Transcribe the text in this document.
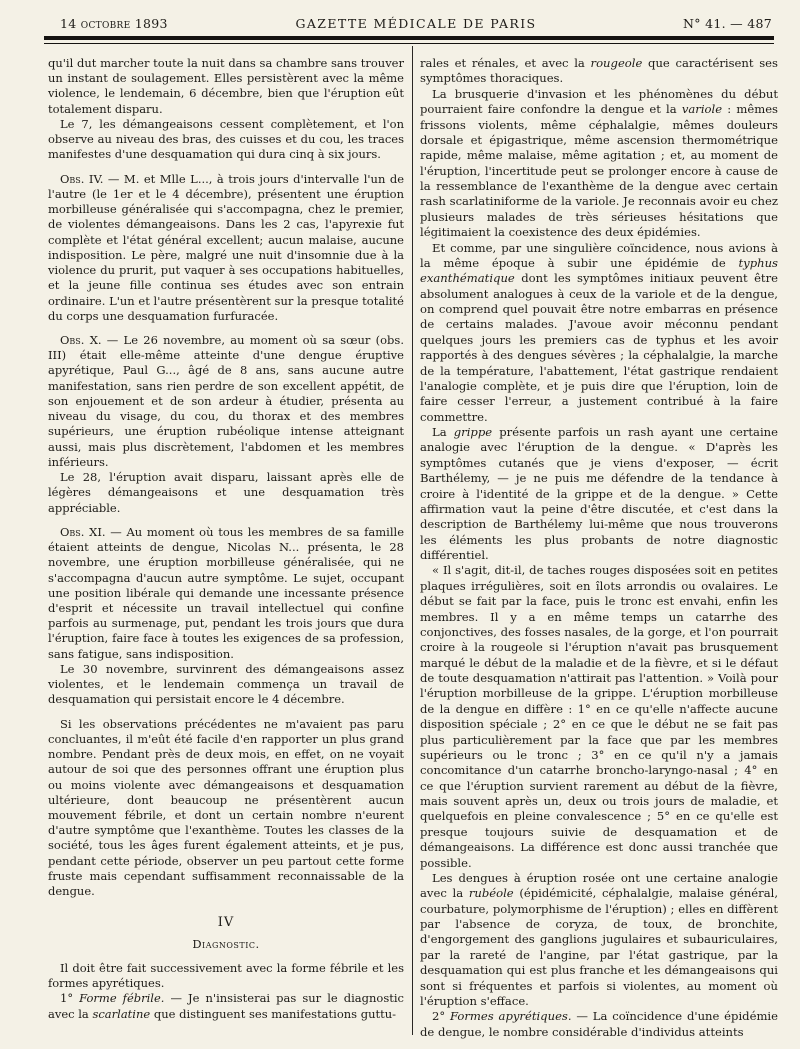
14 octobre 1893	GAZETTE MÉDICALE DE PARIS	N° 41. — 487

qu'il dut marcher toute la nuit dans sa chambre sans trouver un instant de soulagement. Elles persistèrent avec la même violence, le lendemain, 6 décembre, bien que l'éruption eût totalement disparu.

Le 7, les démangeaisons cessent complètement, et l'on observe au niveau des bras, des cuisses et du cou, les traces manifestes d'une desquamation qui dura cinq à six jours.

Obs. IV. — M. et Mlle L..., à trois jours d'intervalle l'un de l'autre (le 1er et le 4 décembre), présentent une éruption morbilleuse généralisée qui s'accompagna, chez le premier, de violentes démangeaisons. Dans les 2 cas, l'apyrexie fut complète et l'état général excellent; aucun malaise, aucune indisposition. Le père, malgré une nuit d'insomnie due à la violence du prurit, put vaquer à ses occupations habituelles, et la jeune fille continua ses études avec son entrain ordinaire. L'un et l'autre présentèrent sur la presque totalité du corps une desquamation furfuracée.

Obs. X. — Le 26 novembre, au moment où sa sœur (obs. III) était elle-même atteinte d'une dengue éruptive apyrétique, Paul G..., âgé de 8 ans, sans aucune autre manifestation, sans rien perdre de son excellent appétit, de son enjouement et de son ardeur à étudier, présenta au niveau du visage, du cou, du thorax et des membres supérieurs, une éruption rubéolique intense atteignant aussi, mais plus discrètement, l'abdomen et les membres inférieurs.

Le 28, l'éruption avait disparu, laissant après elle de légères démangeaisons et une desquamation très appréciable.

Obs. XI. — Au moment où tous les membres de sa famille étaient atteints de dengue, Nicolas N... présenta, le 28 novembre, une éruption morbilleuse généralisée, qui ne s'accompagna d'aucun autre symptôme. Le sujet, occupant une position libérale qui demande une incessante présence d'esprit et nécessite un travail intellectuel qui confine parfois au surmenage, put, pendant les trois jours que dura l'éruption, faire face à toutes les exigences de sa profession, sans fatigue, sans indisposition.

Le 30 novembre, survinrent des démangeaisons assez violentes, et le lendemain commença un travail de desquamation qui persistait encore le 4 décembre.

Si les observations précédentes ne m'avaient pas paru concluantes, il m'eût été facile d'en rapporter un plus grand nombre. Pendant près de deux mois, en effet, on ne voyait autour de soi que des personnes offrant une éruption plus ou moins violente avec démangeaisons et desquamation ultérieure, dont beaucoup ne présentèrent aucun mouvement fébrile, et dont un certain nombre n'eurent d'autre symptôme que l'exanthème. Toutes les classes de la société, tous les âges furent également atteints, et je pus, pendant cette période, observer un peu partout cette forme fruste mais cependant suffisamment reconnaissable de la dengue.

IV

Diagnostic.

Il doit être fait successivement avec la forme fébrile et les formes apyrétiques.

1° Forme fébrile. — Je n'insisterai pas sur le diagnostic avec la scarlatine que distinguent ses manifestations guttu-

rales et rénales, et avec la rougeole que caractérisent ses symptômes thoraciques.

La brusquerie d'invasion et les phénomènes du début pourraient faire confondre la dengue et la variole : mêmes frissons violents, même céphalalgie, mêmes douleurs dorsale et épigastrique, même ascension thermométrique rapide, même malaise, même agitation ; et, au moment de l'éruption, l'incertitude peut se prolonger encore à cause de la ressemblance de l'exanthème de la dengue avec certain rash scarlatiniforme de la variole. Je reconnais avoir eu chez plusieurs malades de très sérieuses hésitations que légitimaient la coexistence des deux épidémies.

Et comme, par une singulière coïncidence, nous avions à la même époque à subir une épidémie de typhus exanthématique dont les symptômes initiaux peuvent être absolument analogues à ceux de la variole et de la dengue, on comprend quel pouvait être notre embarras en présence de certains malades. J'avoue avoir méconnu pendant quelques jours les premiers cas de typhus et les avoir rapportés à des dengues sévères ; la céphalalgie, la marche de la température, l'abattement, l'état gastrique rendaient l'analogie complète, et je puis dire que l'éruption, loin de faire cesser l'erreur, a justement contribué à la faire commettre.

La grippe présente parfois un rash ayant une certaine analogie avec l'éruption de la dengue. « D'après les symptômes cutanés que je viens d'exposer, — écrit Barthélemy, — je ne puis me défendre de la tendance à croire à l'identité de la grippe et de la dengue. » Cette affirmation vaut la peine d'être discutée, et c'est dans la description de Barthélemy lui-même que nous trouverons les éléments les plus probants de notre diagnostic différentiel.

« Il s'agit, dit-il, de taches rouges disposées soit en petites plaques irrégulières, soit en îlots arrondis ou ovalaires. Le début se fait par la face, puis le tronc est envahi, enfin les membres. Il y a en même temps un catarrhe des conjonctives, des fosses nasales, de la gorge, et l'on pourrait croire à la rougeole si l'éruption n'avait pas brusquement marqué le début de la maladie et de la fièvre, et si le défaut de toute desquamation n'attirait pas l'attention. » Voilà pour l'éruption morbilleuse de la grippe. L'éruption morbilleuse de la dengue en diffère : 1° en ce qu'elle n'affecte aucune disposition spéciale ; 2° en ce que le début ne se fait pas plus particulièrement par la face que par les membres supérieurs ou le tronc ; 3° en ce qu'il n'y a jamais concomitance d'un catarrhe broncho-laryngo-nasal ; 4° en ce que l'éruption survient rarement au début de la fièvre, mais souvent après un, deux ou trois jours de maladie, et quelquefois en pleine convalescence ; 5° en ce qu'elle est presque toujours suivie de desquamation et de démangeaisons. La différence est donc aussi tranchée que possible.

Les dengues à éruption rosée ont une certaine analogie avec la rubéole (épidémicité, céphalalgie, malaise général, courbature, polymorphisme de l'éruption) ; elles en diffèrent par l'absence de coryza, de toux, de bronchite, d'engorgement des ganglions jugulaires et subauriculaires, par la rareté de l'angine, par l'état gastrique, par la desquamation qui est plus franche et les démangeaisons qui sont si fréquentes et parfois si violentes, au moment où l'éruption s'efface.

2° Formes apyrétiques. — La coïncidence d'une épidémie de dengue, le nombre considérable d'individus atteints
